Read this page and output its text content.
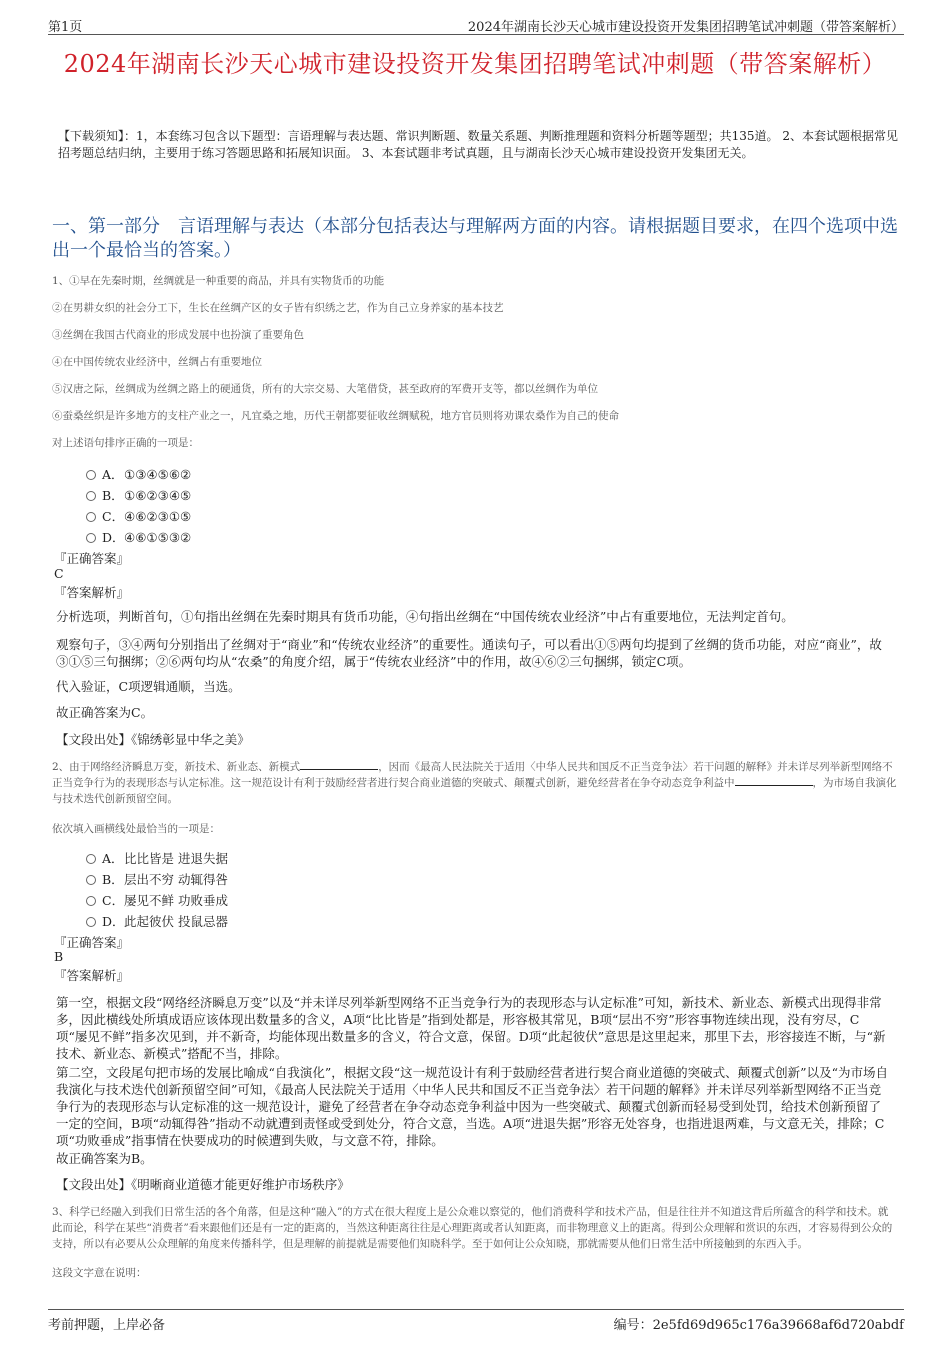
第1页	2024年湖南长沙天心城市建设投资开发集团招聘笔试冲刺题（带答案解析）
2024年湖南长沙天心城市建设投资开发集团招聘笔试冲刺题（带答案解析）
【下载须知】：1，本套练习包含以下题型：言语理解与表达题、常识判断题、数量关系题、判断推理题和资料分析题等题型；共135道。 2、本套试题根据常见招考题总结归纳，主要用于练习答题思路和拓展知识面。 3、本套试题非考试真题，且与湖南长沙天心城市建设投资开发集团无关。
一、第一部分　言语理解与表达（本部分包括表达与理解两方面的内容。请根据题目要求，在四个选项中选出一个最恰当的答案。）
1、①早在先秦时期，丝绸就是一种重要的商品，并具有实物货币的功能
②在男耕女织的社会分工下，生长在丝绸产区的女子皆有织绣之艺，作为自己立身养家的基本技艺
③丝绸在我国古代商业的形成发展中也扮演了重要角色
④在中国传统农业经济中，丝绸占有重要地位
⑤汉唐之际，丝绸成为丝绸之路上的硬通货，所有的大宗交易、大笔借贷，甚至政府的军费开支等，都以丝绸作为单位
⑥蚕桑丝织是许多地方的支柱产业之一，凡宜桑之地，历代王朝都要征收丝绸赋税，地方官员则将劝课农桑作为自己的使命
对上述语句排序正确的一项是：
A．①③④⑤⑥②
B．①⑥②③④⑤
C．④⑥②③①⑤
D．④⑥①⑤③②
『正确答案』
C
『答案解析』
分析选项，判断首句，①句指出丝绸在先秦时期具有货币功能，④句指出丝绸在“中国传统农业经济”中占有重要地位，无法判定首句。
观察句子，③④两句分别指出了丝绸对于“商业”和“传统农业经济”的重要性。通读句子，可以看出①⑤两句均提到了丝绸的货币功能，对应“商业”，故③①⑤三句捆绑；②⑥两句均从“农桑”的角度介绍，属于“传统农业经济”中的作用，故④⑥②三句捆绑，锁定C项。
代入验证，C项逻辑通顺，当选。
故正确答案为C。
【文段出处】《锦绣彰显中华之美》
2、由于网络经济瞬息万变，新技术、新业态、新模式	，因而《最高人民法院关于适用〈中华人民共和国反不正当竞争法〉若干问题的解释》并未详尽列举新型网络不正当竞争行为的表现形态与认定标准。这一规范设计有利于鼓励经营者进行契合商业道德的突破式、颠覆式创新，避免经营者在争夺动态竞争利益中	，为市场自我演化与技术迭代创新预留空间。
依次填入画横线处最恰当的一项是：
A．比比皆是 进退失据
B．层出不穷 动辄得咎
C．屡见不鲜 功败垂成
D．此起彼伏 投鼠忌器
『正确答案』
B
『答案解析』
第一空，根据文段“网络经济瞬息万变”以及“并未详尽列举新型网络不正当竞争行为的表现形态与认定标准”可知，新技术、新业态、新模式出现得非常多，因此横线处所填成语应该体现出数量多的含义，A项“比比皆是”指到处都是，形容极其常见，B项“层出不穷”形容事物连续出现，没有穷尽，C项“屡见不鲜”指多次见到，并不新奇，均能体现出数量多的含义，符合文意，保留。D项“此起彼伏”意思是这里起来，那里下去，形容接连不断，与“新技术、新业态、新模式”搭配不当，排除。
第二空，文段尾句把市场的发展比喻成“自我演化”，根据文段“这一规范设计有利于鼓励经营者进行契合商业道德的突破式、颠覆式创新”以及“为市场自我演化与技术迭代创新预留空间”可知，《最高人民法院关于适用〈中华人民共和国反不正当竞争法〉若干问题的解释》并未详尽列举新型网络不正当竞争行为的表现形态与认定标准的这一规范设计，避免了经营者在争夺动态竞争利益中因为一些突破式、颠覆式创新而轻易受到处罚，给技术创新预留了一定的空间，B项“动辄得咎”指动不动就遭到责怪或受到处分，符合文意，当选。A项“进退失据”形容无处容身，也指进退两难，与文意无关，排除；C项“功败垂成”指事情在快要成功的时候遭到失败，与文意不符，排除。
故正确答案为B。
【文段出处】《明晰商业道德才能更好维护市场秩序》
3、科学已经融入到我们日常生活的各个角落，但是这种“融入”的方式在很大程度上是公众难以察觉的，他们消费科学和技术产品，但是往往并不知道这背后所蕴含的科学和技术。就此而论，科学在某些“消费者”看来跟他们还是有一定的距离的，当然这种距离往往是心理距离或者认知距离，而非物理意义上的距离。得到公众理解和赏识的东西，才容易得到公众的支持，所以有必要从公众理解的角度来传播科学，但是理解的前提就是需要他们知晓科学。至于如何让公众知晓，那就需要从他们日常生活中所接触到的东西入手。
这段文字意在说明：
考前押题，上岸必备	编号：2e5fd69d965c176a39668af6d720abdf
